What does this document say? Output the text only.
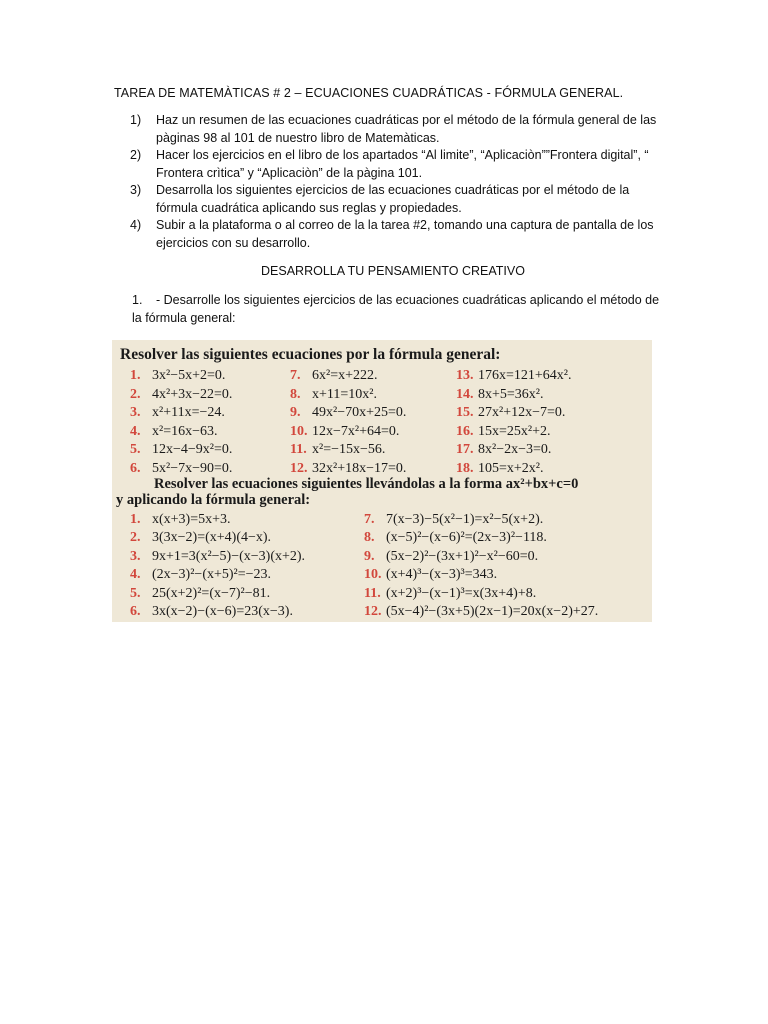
TAREA DE MATEMÀTICAS # 2 – ECUACIONES CUADRÁTICAS - FÓRMULA GENERAL.
1) Haz un resumen de las ecuaciones cuadráticas por el método de la fórmula general de las pàginas 98 al 101 de nuestro libro de Matemàticas.
2) Hacer los ejercicios en el libro de los apartados “Al limite”, “Aplicaciòn””Frontera digital”, “ Frontera crìtica” y “Aplicaciòn” de la pàgina 101.
3) Desarrolla los siguientes ejercicios de las ecuaciones cuadráticas por el método de la fórmula cuadrática aplicando sus reglas y propiedades.
4) Subir a la plataforma o al correo de la la tarea #2, tomando una captura de pantalla de los ejercicios con su desarrollo.
DESARROLLA TU PENSAMIENTO CREATIVO
1. - Desarrolle los siguientes ejercicios de las ecuaciones cuadráticas aplicando el método de la fórmula general:
Resolver las siguientes ecuaciones por la fórmula general:
Resolver las ecuaciones siguientes llevándolas a la forma ax²+bx+c=0
y aplicando la fórmula general:
1. 3x²−5x+2=0.
2. 4x²+3x−22=0.
3. x²+11x=−24.
4. x²=16x−63.
5. 12x−4−9x²=0.
6. 5x²−7x−90=0.
7. 6x²=x+222.
8. x+11=10x².
9. 49x²−70x+25=0.
10. 12x−7x²+64=0.
11. x²=−15x−56.
12. 32x²+18x−17=0.
13. 176x=121+64x².
14. 8x+5=36x².
15. 27x²+12x−7=0.
16. 15x=25x²+2.
17. 8x²−2x−3=0.
18. 105=x+2x².
1. x(x+3)=5x+3.
2. 3(3x−2)=(x+4)(4−x).
3. 9x+1=3(x²−5)−(x−3)(x+2).
4. (2x−3)²−(x+5)²=−23.
5. 25(x+2)²=(x−7)²−81.
6. 3x(x−2)−(x−6)=23(x−3).
7. 7(x−3)−5(x²−1)=x²−5(x+2).
8. (x−5)²−(x−6)²=(2x−3)²−118.
9. (5x−2)²−(3x+1)²−x²−60=0.
10. (x+4)³−(x−3)³=343.
11. (x+2)³−(x−1)³=x(3x+4)+8.
12. (5x−4)²−(3x+5)(2x−1)=20x(x−2)+27.
